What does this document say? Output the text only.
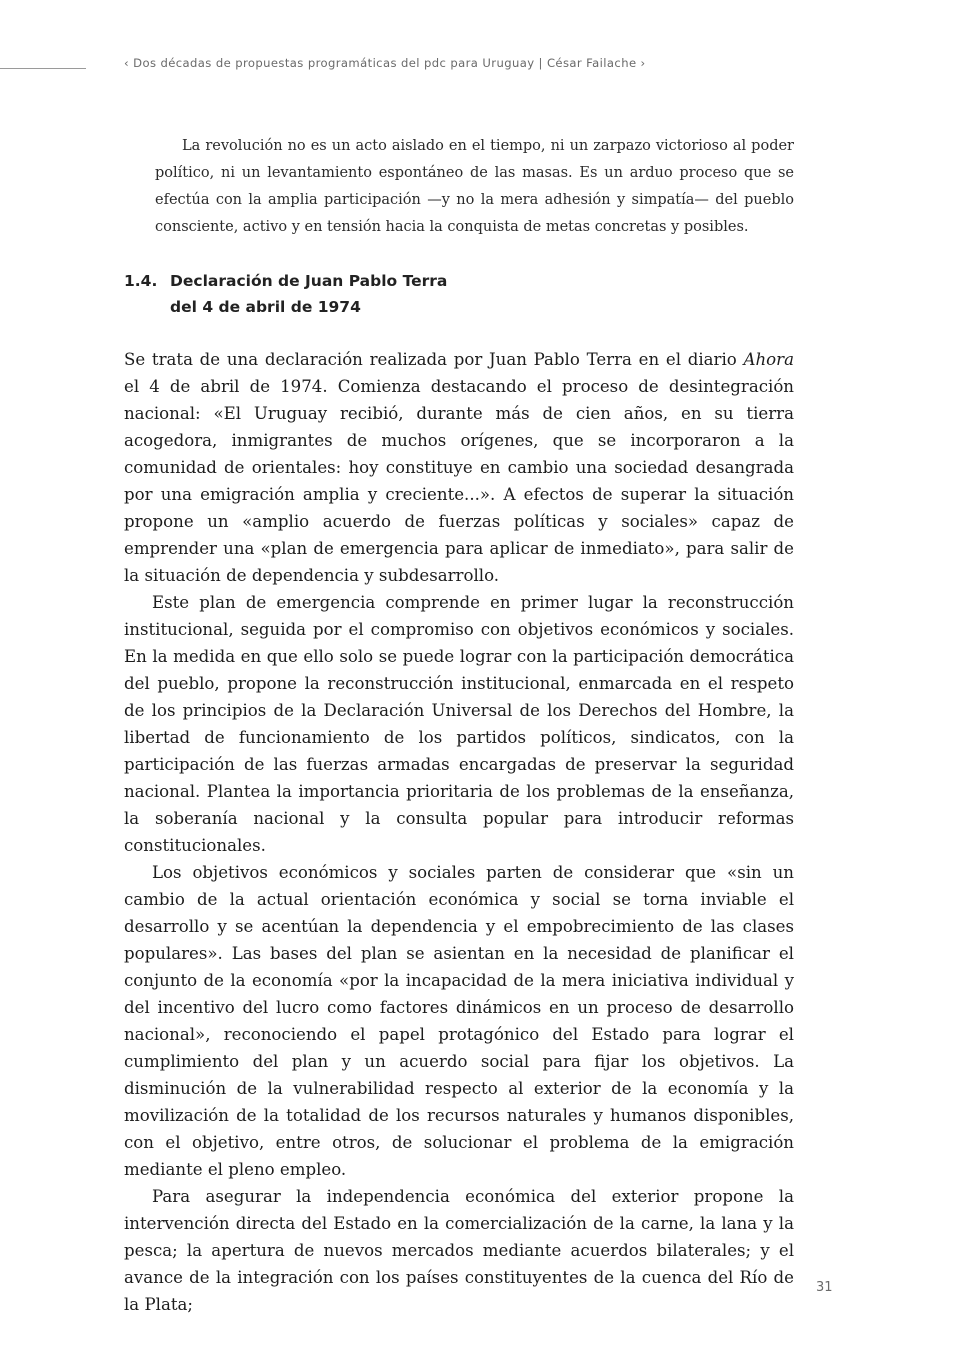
‹ Dos décadas de propuestas programáticas del pdc para Uruguay | César Failache ›

La revolución no es un acto aislado en el tiempo, ni un zarpazo victorioso al poder político, ni un levantamiento espontáneo de las masas. Es un arduo proceso que se efectúa con la amplia participación —y no la mera adhesión y simpatía— del pueblo consciente, activo y en tensión hacia la conquista de metas concretas y posibles.

1.4. Declaración de Juan Pablo Terra
del 4 de abril de 1974

Se trata de una declaración realizada por Juan Pablo Terra en el diario Ahora el 4 de abril de 1974. Comienza destacando el proceso de desintegración nacional: «El Uruguay recibió, durante más de cien años, en su tierra acogedora, inmigrantes de muchos orígenes, que se incorporaron a la comunidad de orientales: hoy constituye en cambio una sociedad desangrada por una emigración amplia y creciente...». A efectos de superar la situación propone un «amplio acuerdo de fuerzas políticas y sociales» capaz de emprender una «plan de emergencia para aplicar de inmediato», para salir de la situación de dependencia y subdesarrollo.

Este plan de emergencia comprende en primer lugar la reconstrucción institucional, seguida por el compromiso con objetivos económicos y sociales. En la medida en que ello solo se puede lograr con la participación democrática del pueblo, propone la reconstrucción institucional, enmarcada en el respeto de los principios de la Declaración Universal de los Derechos del Hombre, la libertad de funcionamiento de los partidos políticos, sindicatos, con la participación de las fuerzas armadas encargadas de preservar la seguridad nacional. Plantea la importancia prioritaria de los problemas de la enseñanza, la soberanía nacional y la consulta popular para introducir reformas constitucionales.

Los objetivos económicos y sociales parten de considerar que «sin un cambio de la actual orientación económica y social se torna inviable el desarrollo y se acentúan la dependencia y el empobrecimiento de las clases populares». Las bases del plan se asientan en la necesidad de planificar el conjunto de la economía «por la incapacidad de la mera iniciativa individual y del incentivo del lucro como factores dinámicos en un proceso de desarrollo nacional», reconociendo el papel protagónico del Estado para lograr el cumplimiento del plan y un acuerdo social para fijar los objetivos. La disminución de la vulnerabilidad respecto al exterior de la economía y la movilización de la totalidad de los recursos naturales y humanos disponibles, con el objetivo, entre otros, de solucionar el problema de la emigración mediante el pleno empleo.

Para asegurar la independencia económica del exterior propone la intervención directa del Estado en la comercialización de la carne, la lana y la pesca; la apertura de nuevos mercados mediante acuerdos bilaterales; y el avance de la integración con los países constituyentes de la cuenca del Río de la Plata;

31
